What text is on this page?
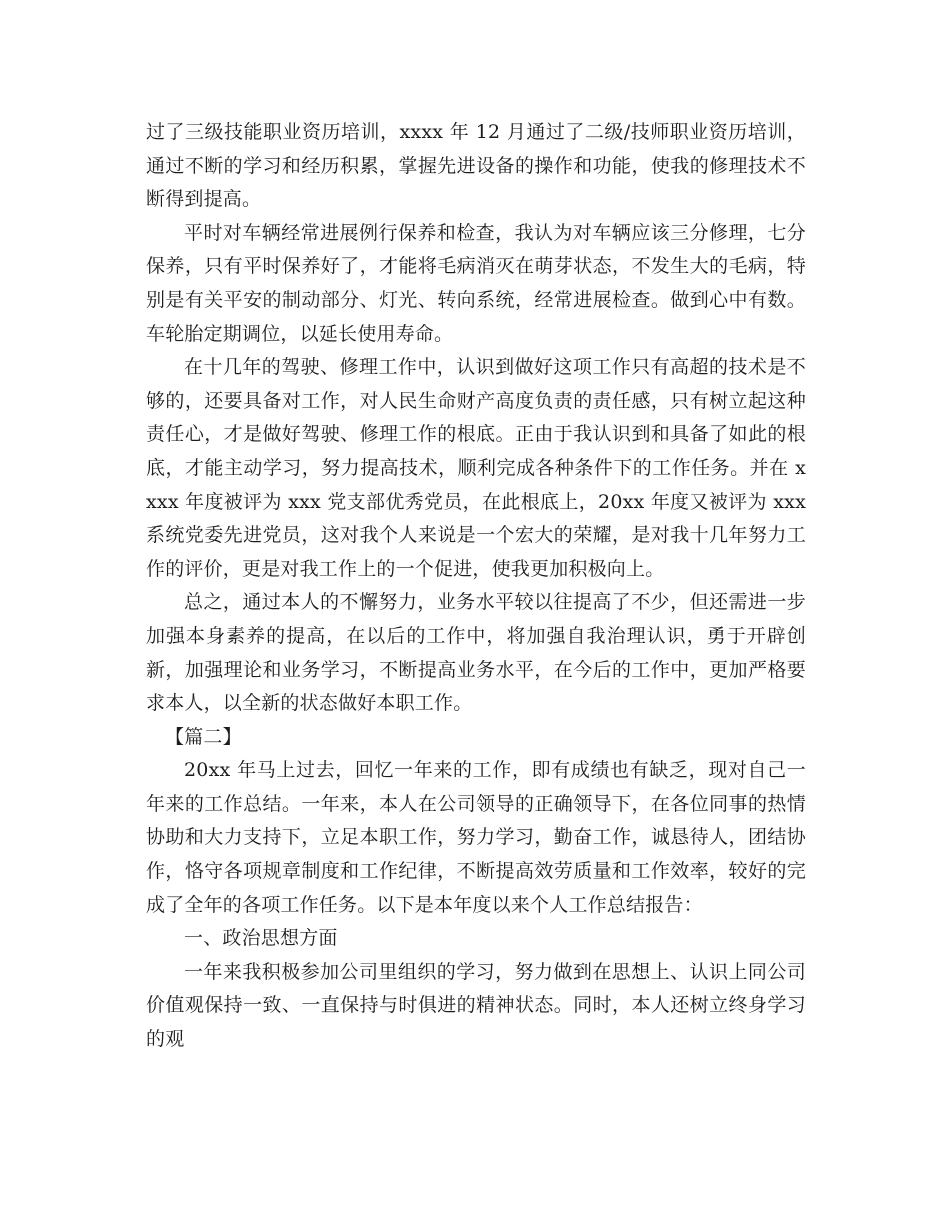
过了三级技能职业资历培训，xxxx 年 12 月通过了二级/技师职业资历培训，通过不断的学习和经历积累，掌握先进设备的操作和功能，使我的修理技术不断得到提高。

平时对车辆经常进展例行保养和检查，我认为对车辆应该三分修理，七分保养，只有平时保养好了，才能将毛病消灭在萌芽状态，不发生大的毛病，特别是有关平安的制动部分、灯光、转向系统，经常进展检查。做到心中有数。车轮胎定期调位，以延长使用寿命。

在十几年的驾驶、修理工作中，认识到做好这项工作只有高超的技术是不够的，还要具备对工作，对人民生命财产高度负责的责任感，只有树立起这种责任心，才是做好驾驶、修理工作的根底。正由于我认识到和具备了如此的根底，才能主动学习，努力提高技术，顺利完成各种条件下的工作任务。并在 xxxx 年度被评为 xxx 党支部优秀党员，在此根底上，20xx 年度又被评为 xxx 系统党委先进党员，这对我个人来说是一个宏大的荣耀，是对我十几年努力工作的评价，更是对我工作上的一个促进，使我更加积极向上。

总之，通过本人的不懈努力，业务水平较以往提高了不少，但还需进一步加强本身素养的提高，在以后的工作中，将加强自我治理认识，勇于开辟创新，加强理论和业务学习，不断提高业务水平，在今后的工作中，更加严格要求本人，以全新的状态做好本职工作。

【篇二】

20xx 年马上过去，回忆一年来的工作，即有成绩也有缺乏，现对自己一年来的工作总结。一年来，本人在公司领导的正确领导下，在各位同事的热情协助和大力支持下，立足本职工作，努力学习，勤奋工作，诚恳待人，团结协作，恪守各项规章制度和工作纪律，不断提高效劳质量和工作效率，较好的完成了全年的各项工作任务。以下是本年度以来个人工作总结报告：

一、政治思想方面

一年来我积极参加公司里组织的学习，努力做到在思想上、认识上同公司价值观保持一致、一直保持与时俱进的精神状态。同时，本人还树立终身学习的观
